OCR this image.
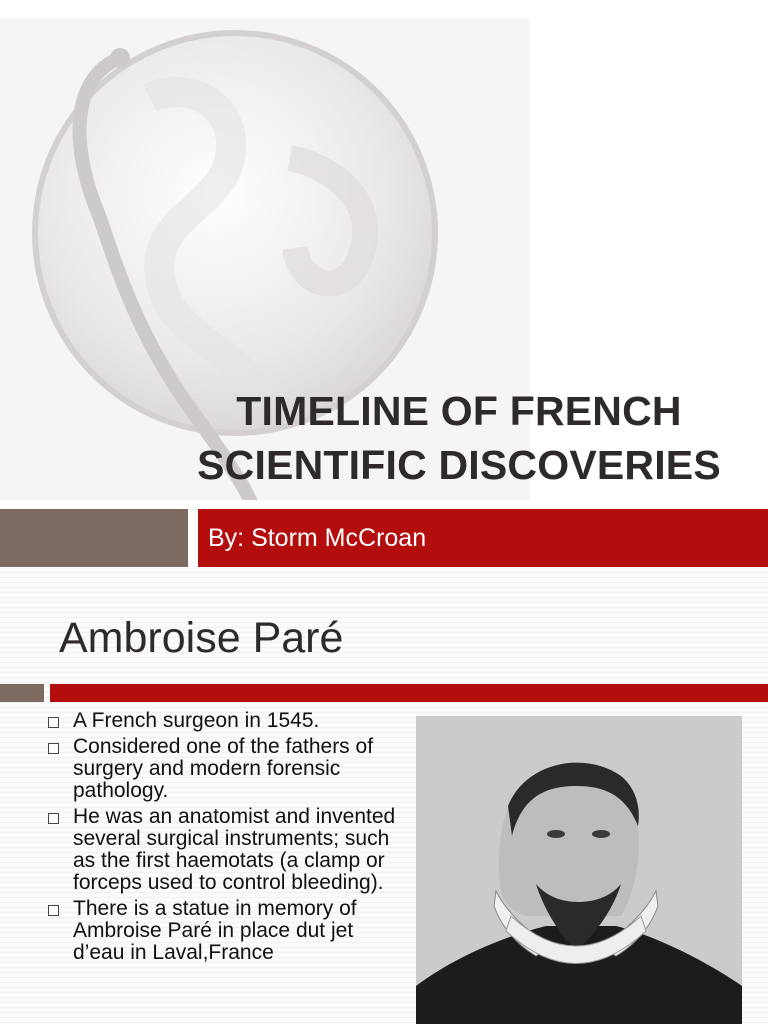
TIMELINE OF FRENCH
SCIENTIFIC DISCOVERIES
By: Storm McCroan
Ambroise Paré
A French surgeon in 1545.
Considered one of the fathers of surgery and modern forensic pathology.
He was an anatomist and invented several surgical instruments; such as the first haemotats (a clamp or forceps used to control bleeding).
There is a statue in memory of Ambroise Paré in place dut jet d’eau in Laval,France
